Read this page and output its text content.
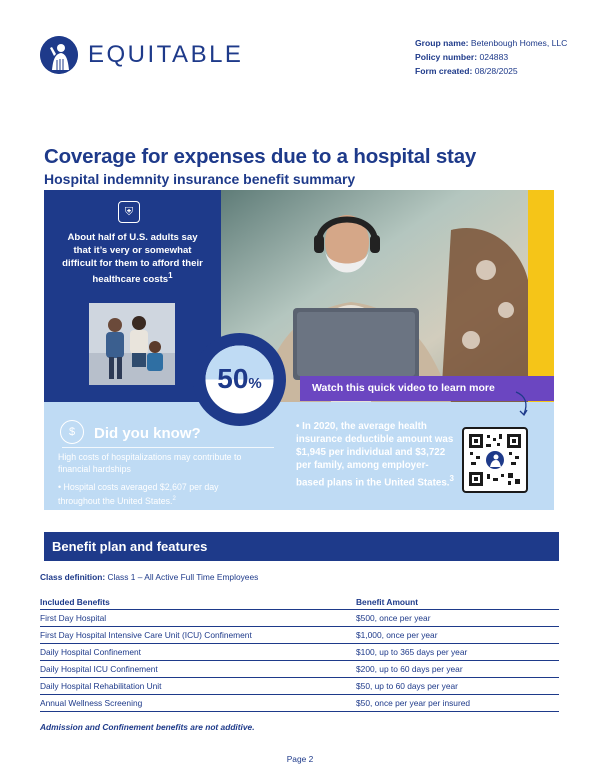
EQUITABLE	Group name: Betenbough Homes, LLC
Policy number: 024883
Form created: 08/28/2025
Coverage for expenses due to a hospital stay
Hospital indemnity insurance benefit summary
⛨
About half of U.S. adults say that it’s very or somewhat difficult for them to afford their healthcare costs$^1$
Watch this quick video to learn more
50%
$	Did you know?
High costs of hospitalizations may contribute to financial hardships
• Hospital costs averaged $2,607 per day throughout the United States.$^2$
• In 2020, the average health insurance deductible amount was $1,945 per individual and $3,722 per family, among employer-based plans in the United States.$^3$
Benefit plan and features
Class definition: Class 1 – All Active Full Time Employees
Included Benefits	Benefit Amount
First Day Hospital	$500, once per year
First Day Hospital Intensive Care Unit (ICU) Confinement	$1,000, once per year
Daily Hospital Confinement	$100, up to 365 days per year
Daily Hospital ICU Confinement	$200, up to 60 days per year
Daily Hospital Rehabilitation Unit	$50, up to 60 days per year
Annual Wellness Screening	$50, once per year per insured
Admission and Confinement benefits are not additive.
Page 2
